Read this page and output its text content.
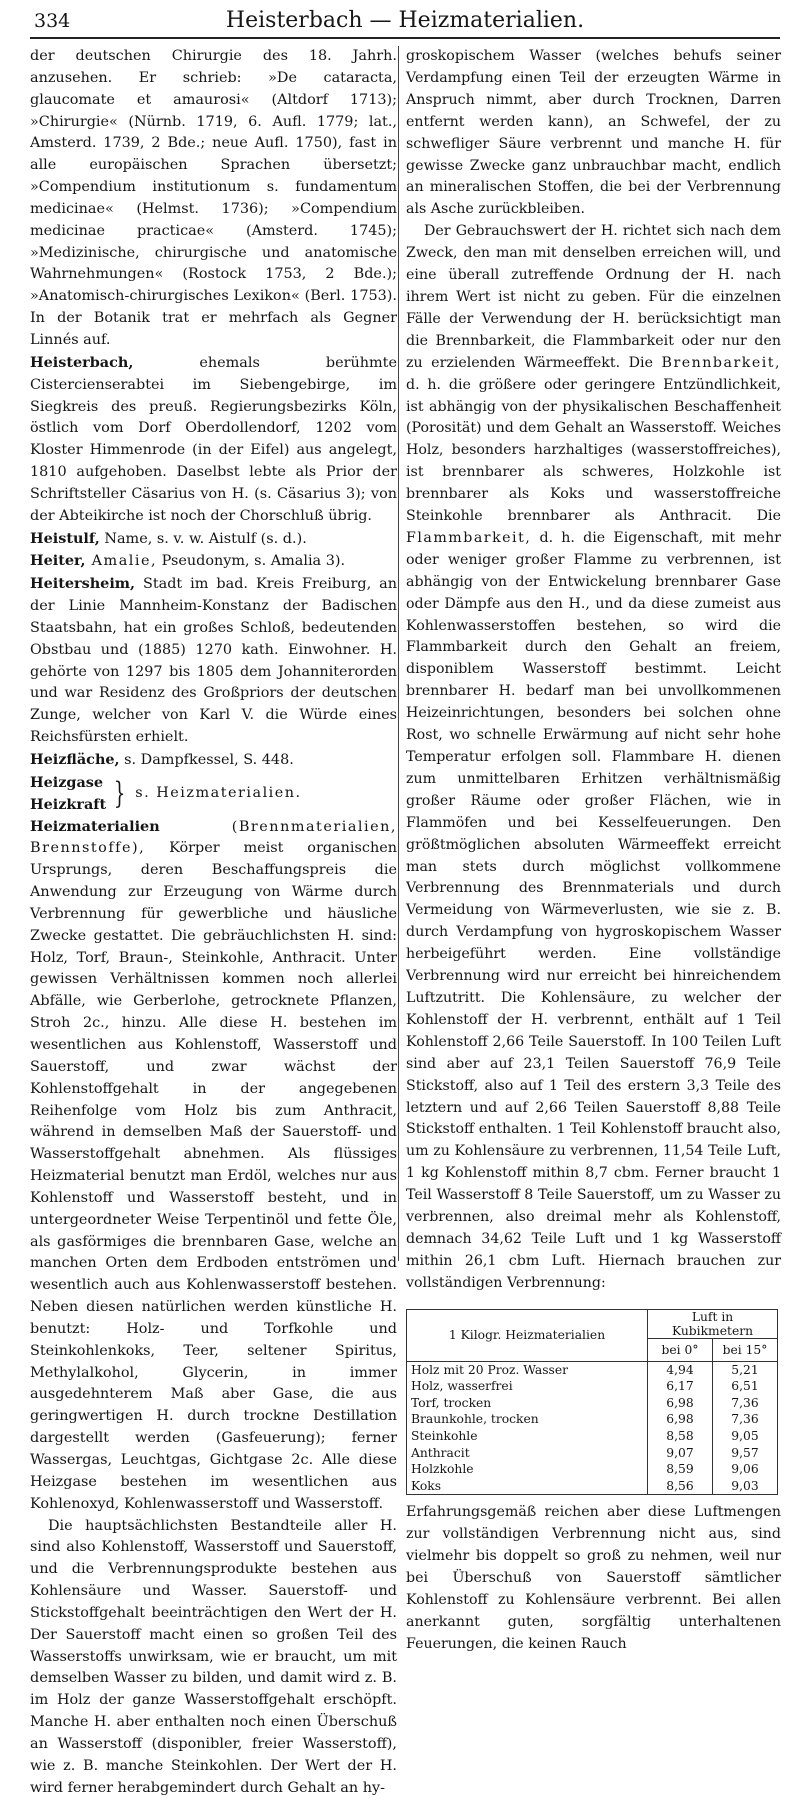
334	Heisterbach — Heizmaterialien.

der deutschen Chirurgie des 18. Jahrh. anzusehen. Er schrieb: »De cataracta, glaucomate et amaurosi« (Altdorf 1713); »Chirurgie« (Nürnb. 1719, 6. Aufl. 1779; lat., Amsterd. 1739, 2 Bde.; neue Aufl. 1750), fast in alle europäischen Sprachen übersetzt; »Compendium institutionum s. fundamentum medicinae« (Helmst. 1736); »Compendium medicinae practicae« (Amsterd. 1745); »Medizinische, chirurgische und anatomische Wahrnehmungen« (Rostock 1753, 2 Bde.); »Anatomisch-chirurgisches Lexikon« (Berl. 1753). In der Botanik trat er mehrfach als Gegner Linnés auf.

Heisterbach, ehemals berühmte Cistercienserabtei im Siebengebirge, im Siegkreis des preuß. Regierungsbezirks Köln, östlich vom Dorf Oberdollendorf, 1202 vom Kloster Himmenrode (in der Eifel) aus angelegt, 1810 aufgehoben. Daselbst lebte als Prior der Schriftsteller Cäsarius von H. (s. Cäsarius 3); von der Abteikirche ist noch der Chorschluß übrig.

Heistulf, Name, s. v. w. Aistulf (s. d.).

Heiter, Amalie, Pseudonym, s. Amalia 3).

Heitersheim, Stadt im bad. Kreis Freiburg, an der Linie Mannheim-Konstanz der Badischen Staatsbahn, hat ein großes Schloß, bedeutenden Obstbau und (1885) 1270 kath. Einwohner. H. gehörte von 1297 bis 1805 dem Johanniterorden und war Residenz des Großpriors der deutschen Zunge, welcher von Karl V. die Würde eines Reichsfürsten erhielt.

Heizfläche, s. Dampfkessel, S. 448.

Heizgase
Heizkraft } s. Heizmaterialien.

Heizmaterialien (Brennmaterialien, Brennstoffe), Körper meist organischen Ursprungs, deren Beschaffungspreis die Anwendung zur Erzeugung von Wärme durch Verbrennung für gewerbliche und häusliche Zwecke gestattet. Die gebräuchlichsten H. sind: Holz, Torf, Braun-, Steinkohle, Anthracit. Unter gewissen Verhältnissen kommen noch allerlei Abfälle, wie Gerberlohe, getrocknete Pflanzen, Stroh 2c., hinzu. Alle diese H. bestehen im wesentlichen aus Kohlenstoff, Wasserstoff und Sauerstoff, und zwar wächst der Kohlenstoffgehalt in der angegebenen Reihenfolge vom Holz bis zum Anthracit, während in demselben Maß der Sauerstoff- und Wasserstoffgehalt abnehmen. Als flüssiges Heizmaterial benutzt man Erdöl, welches nur aus Kohlenstoff und Wasserstoff besteht, und in untergeordneter Weise Terpentinöl und fette Öle, als gasförmiges die brennbaren Gase, welche an manchen Orten dem Erdboden entströmen und wesentlich auch aus Kohlenwasserstoff bestehen. Neben diesen natürlichen werden künstliche H. benutzt: Holz- und Torfkohle und Steinkohlenkoks, Teer, seltener Spiritus, Methylalkohol, Glycerin, in immer ausgedehnterem Maß aber Gase, die aus geringwertigen H. durch trockne Destillation dargestellt werden (Gasfeuerung); ferner Wassergas, Leuchtgas, Gichtgase 2c. Alle diese Heizgase bestehen im wesentlichen aus Kohlenoxyd, Kohlenwasserstoff und Wasserstoff.

Die hauptsächlichsten Bestandteile aller H. sind also Kohlenstoff, Wasserstoff und Sauerstoff, und die Verbrennungsprodukte bestehen aus Kohlensäure und Wasser. Sauerstoff- und Stickstoffgehalt beeinträchtigen den Wert der H. Der Sauerstoff macht einen so großen Teil des Wasserstoffs unwirksam, wie er braucht, um mit demselben Wasser zu bilden, und damit wird z. B. im Holz der ganze Wasserstoffgehalt erschöpft. Manche H. aber enthalten noch einen Überschuß an Wasserstoff (disponibler, freier Wasserstoff), wie z. B. manche Steinkohlen. Der Wert der H. wird ferner herabgemindert durch Gehalt an hy-

groskopischem Wasser (welches behufs seiner Verdampfung einen Teil der erzeugten Wärme in Anspruch nimmt, aber durch Trocknen, Darren entfernt werden kann), an Schwefel, der zu schwefliger Säure verbrennt und manche H. für gewisse Zwecke ganz unbrauchbar macht, endlich an mineralischen Stoffen, die bei der Verbrennung als Asche zurückbleiben.

Der Gebrauchswert der H. richtet sich nach dem Zweck, den man mit denselben erreichen will, und eine überall zutreffende Ordnung der H. nach ihrem Wert ist nicht zu geben. Für die einzelnen Fälle der Verwendung der H. berücksichtigt man die Brennbarkeit, die Flammbarkeit oder nur den zu erzielenden Wärmeeffekt. Die Brennbarkeit, d. h. die größere oder geringere Entzündlichkeit, ist abhängig von der physikalischen Beschaffenheit (Porosität) und dem Gehalt an Wasserstoff. Weiches Holz, besonders harzhaltiges (wasserstoffreiches), ist brennbarer als schweres, Holzkohle ist brennbarer als Koks und wasserstoffreiche Steinkohle brennbarer als Anthracit. Die Flammbarkeit, d. h. die Eigenschaft, mit mehr oder weniger großer Flamme zu verbrennen, ist abhängig von der Entwickelung brennbarer Gase oder Dämpfe aus den H., und da diese zumeist aus Kohlenwasserstoffen bestehen, so wird die Flammbarkeit durch den Gehalt an freiem, disponiblem Wasserstoff bestimmt. Leicht brennbarer H. bedarf man bei unvollkommenen Heizeinrichtungen, besonders bei solchen ohne Rost, wo schnelle Erwärmung auf nicht sehr hohe Temperatur erfolgen soll. Flammbare H. dienen zum unmittelbaren Erhitzen verhältnismäßig großer Räume oder großer Flächen, wie in Flammöfen und bei Kesselfeuerungen. Den größtmöglichen absoluten Wärmeeffekt erreicht man stets durch möglichst vollkommene Verbrennung des Brennmaterials und durch Vermeidung von Wärmeverlusten, wie sie z. B. durch Verdampfung von hygroskopischem Wasser herbeigeführt werden. Eine vollständige Verbrennung wird nur erreicht bei hinreichendem Luftzutritt. Die Kohlensäure, zu welcher der Kohlenstoff der H. verbrennt, enthält auf 1 Teil Kohlenstoff 2,66 Teile Sauerstoff. In 100 Teilen Luft sind aber auf 23,1 Teilen Sauerstoff 76,9 Teile Stickstoff, also auf 1 Teil des erstern 3,3 Teile des letztern und auf 2,66 Teilen Sauerstoff 8,88 Teile Stickstoff enthalten. 1 Teil Kohlenstoff braucht also, um zu Kohlensäure zu verbrennen, 11,54 Teile Luft, 1 kg Kohlenstoff mithin 8,7 cbm. Ferner braucht 1 Teil Wasserstoff 8 Teile Sauerstoff, um zu Wasser zu verbrennen, also dreimal mehr als Kohlenstoff, demnach 34,62 Teile Luft und 1 kg Wasserstoff mithin 26,1 cbm Luft. Hiernach brauchen zur vollständigen Verbrennung:

1 Kilogr. Heizmaterialien	Luft in Kubikmetern	
	bei 0°	bei 15°
Holz mit 20 Proz. Wasser	4,94	5,21
Holz, wasserfrei	6,17	6,51
Torf, trocken	6,98	7,36
Braunkohle, trocken	6,98	7,36
Steinkohle	8,58	9,05
Anthracit	9,07	9,57
Holzkohle	8,59	9,06
Koks	8,56	9,03

Erfahrungsgemäß reichen aber diese Luftmengen zur vollständigen Verbrennung nicht aus, sind vielmehr bis doppelt so groß zu nehmen, weil nur bei Überschuß von Sauerstoff sämtlicher Kohlenstoff zu Kohlensäure verbrennt. Bei allen anerkannt guten, sorgfältig unterhaltenen Feuerungen, die keinen Rauch
